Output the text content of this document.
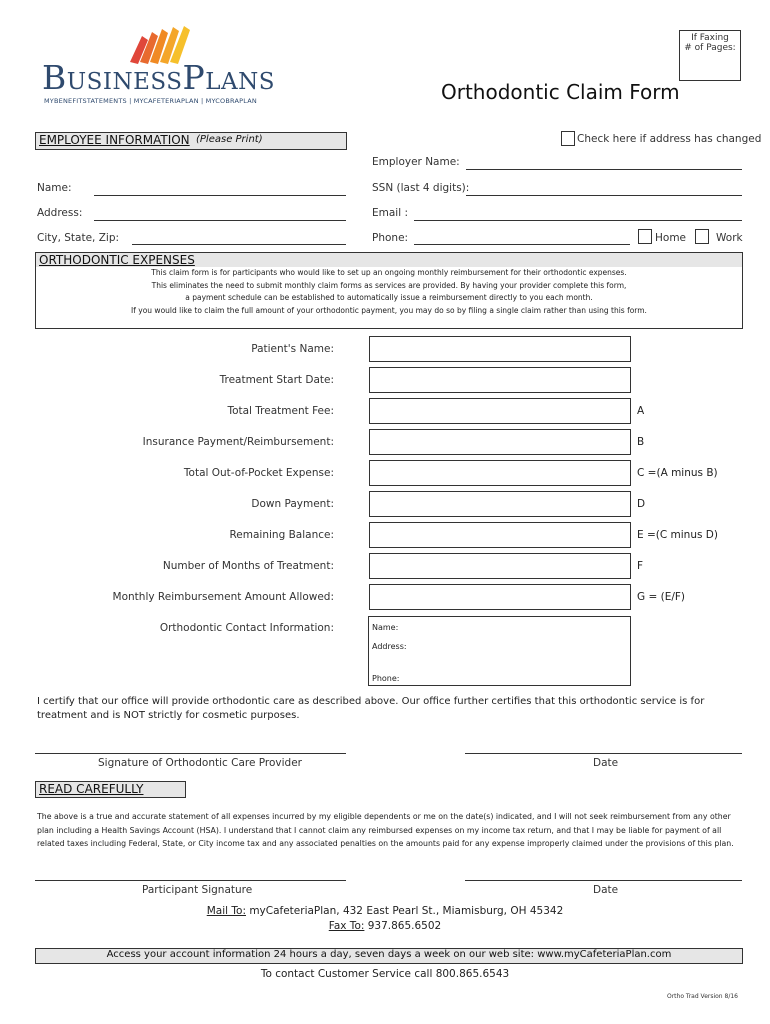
If Faxing
# of Pages:
BusinessPlans
MYBENEFITSTATEMENTS | MYCAFETERIAPLAN | MYCOBRAPLAN	Orthodontic Claim Form
EMPLOYEE INFORMATION (Please Print)	Check here if address has changed
Employer Name:
Name:	SSN (last 4 digits):
Address:	Email :
City, State, Zip:	Phone:	Home	Work
ORTHODONTIC EXPENSES
This claim form is for participants who would like to set up an ongoing monthly reimbursement for their orthodontic expenses.
This eliminates the need to submit monthly claim forms as services are provided. By having your provider complete this form,
a payment schedule can be established to automatically issue a reimbursement directly to you each month.
If you would like to claim the full amount of your orthodontic payment, you may do so by filing a single claim rather than using this form.
Patient's Name:
Treatment Start Date:
Total Treatment Fee:	A
Insurance Payment/Reimbursement:	B
Total Out-of-Pocket Expense:	C =(A minus B)
Down Payment:	D
Remaining Balance:	E =(C minus D)
Number of Months of Treatment:	F
Monthly Reimbursement Amount Allowed:	G = (E/F)
Orthodontic Contact Information:	Name:
Address:
Phone:
I certify that our office will provide orthodontic care as described above. Our office further certifies that this orthodontic service is for treatment and is NOT strictly for cosmetic purposes.
Signature of Orthodontic Care Provider	Date
READ CAREFULLY
The above is a true and accurate statement of all expenses incurred by my eligible dependents or me on the date(s) indicated, and I will not seek reimbursement from any other plan including a Health Savings Account (HSA). I understand that I cannot claim any reimbursed expenses on my income tax return, and that I may be liable for payment of all related taxes including Federal, State, or City income tax and any associated penalties on the amounts paid for any expense improperly claimed under the provisions of this plan.
Participant Signature	Date
Mail To: myCafeteriaPlan, 432 East Pearl St., Miamisburg, OH 45342
Fax To: 937.865.6502
Access your account information 24 hours a day, seven days a week on our web site: www.myCafeteriaPlan.com
To contact Customer Service call 800.865.6543
Ortho Trad Version 8/16
